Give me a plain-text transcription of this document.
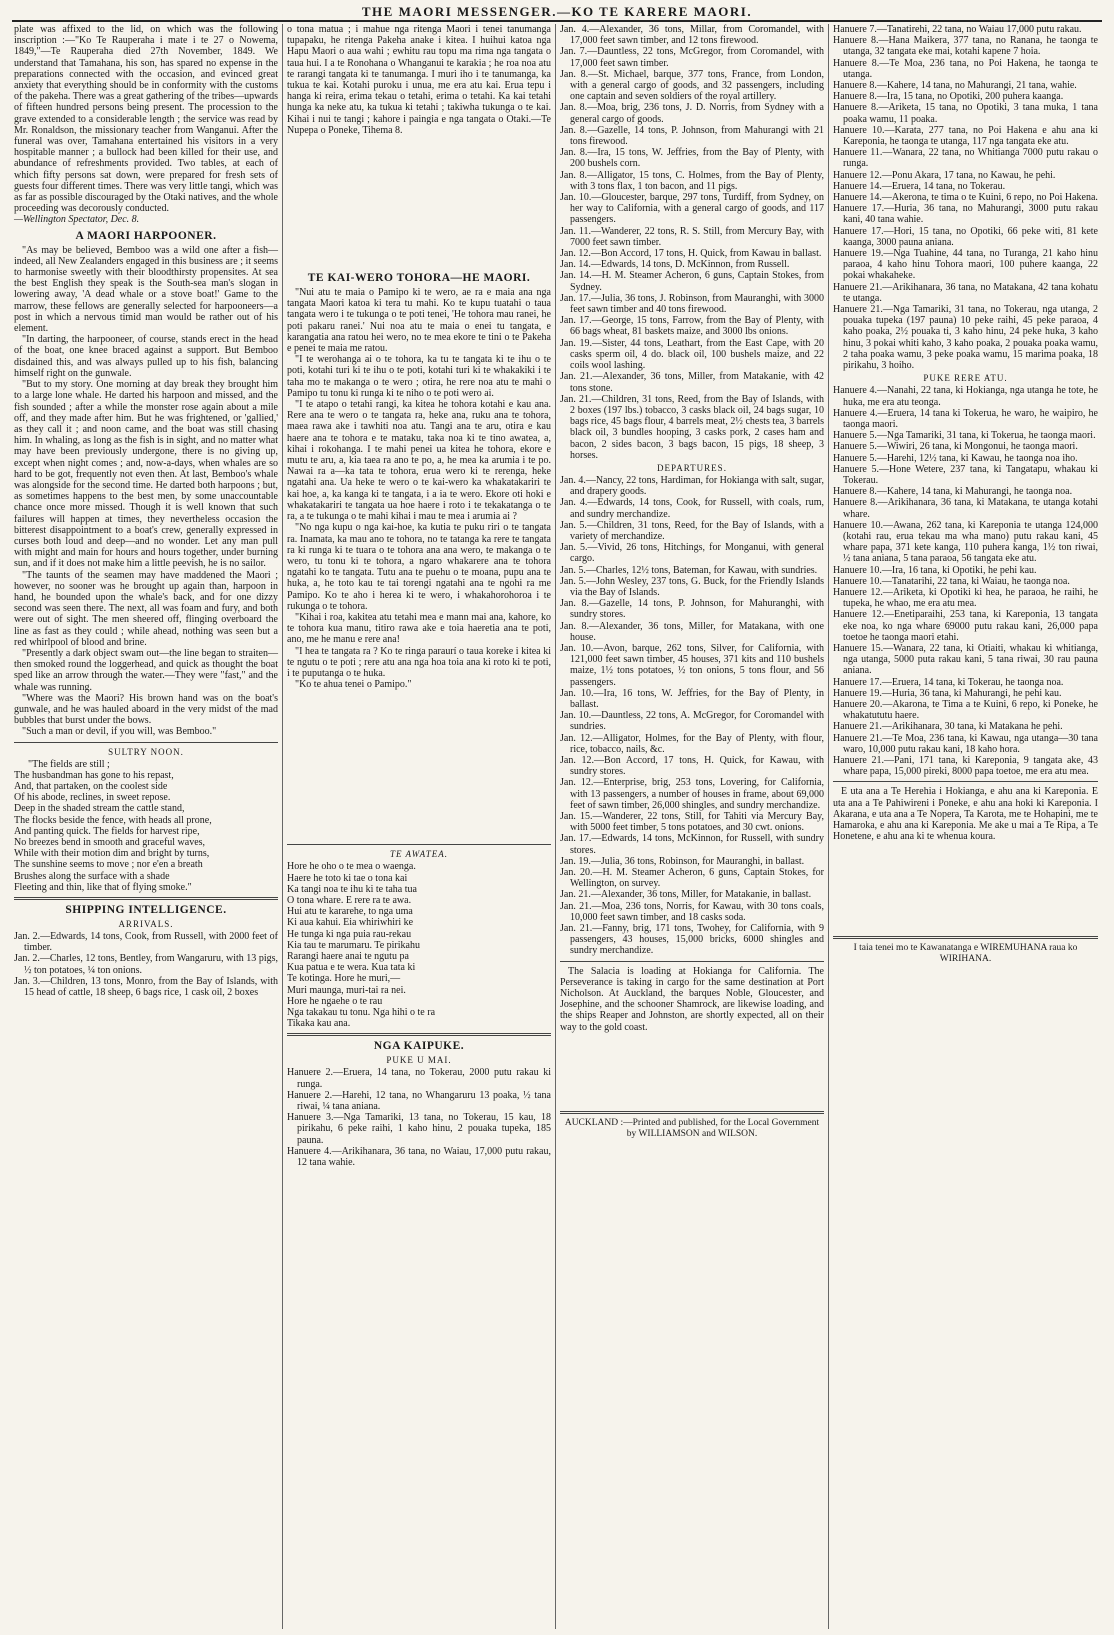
THE MAORI MESSENGER.—KO TE KARERE MAORI.

plate was affixed to the lid, on which was the following inscription :—"Ko Te Rauperaha i mate i te 27 o Nowema, 1849,"—Te Rauperaha died 27th November, 1849. We understand that Tamahana, his son, has spared no expense in the preparations connected with the occasion, and evinced great anxiety that everything should be in conformity with the customs of the pakeha. There was a great gathering of the tribes—upwards of fifteen hundred persons being present. The procession to the grave extended to a considerable length ; the service was read by Mr. Ronaldson, the missionary teacher from Wanganui. After the funeral was over, Tamahana entertained his visitors in a very hospitable manner ; a bullock had been killed for their use, and abundance of refreshments provided. Two tables, at each of which fifty persons sat down, were prepared for fresh sets of guests four different times. There was very little tangi, which was as far as possible discouraged by the Otaki natives, and the whole proceeding was decorously conducted.

—Wellington Spectator, Dec. 8.

A MAORI HARPOONER.

"As may be believed, Bemboo was a wild one after a fish—indeed, all New Zealanders engaged in this business are ; it seems to harmonise sweetly with their bloodthirsty propensites. At sea the best English they speak is the South-sea man's slogan in lowering away, 'A dead whale or a stove boat!' Game to the marrow, these fellows are generally selected for harpooneers—a post in which a nervous timid man would be rather out of his element.

"In darting, the harpooneer, of course, stands erect in the head of the boat, one knee braced against a support. But Bemboo disdained this, and was always pulled up to his fish, balancing himself right on the gunwale.

"But to my story. One morning at day break they brought him to a large lone whale. He darted his harpoon and missed, and the fish sounded ; after a while the monster rose again about a mile off, and they made after him. But he was frightened, or 'gallied,' as they call it ; and noon came, and the boat was still chasing him. In whaling, as long as the fish is in sight, and no matter what may have been previously undergone, there is no giving up, except when night comes ; and, now-a-days, when whales are so hard to be got, frequently not even then. At last, Bemboo's whale was alongside for the second time. He darted both harpoons ; but, as sometimes happens to the best men, by some unaccountable chance once more missed. Though it is well known that such failures will happen at times, they nevertheless occasion the bitterest disappointment to a boat's crew, generally expressed in curses both loud and deep—and no wonder. Let any man pull with might and main for hours and hours together, under burning sun, and if it does not make him a little peevish, he is no sailor.

"The taunts of the seamen may have maddened the Maori ; however, no sooner was he brought up again than, harpoon in hand, he bounded upon the whale's back, and for one dizzy second was seen there. The next, all was foam and fury, and both were out of sight. The men sheered off, flinging overboard the line as fast as they could ; while ahead, nothing was seen but a red whirlpool of blood and brine.

"Presently a dark object swam out—the line began to straiten—then smoked round the loggerhead, and quick as thought the boat sped like an arrow through the water.—They were "fast," and the whale was running.

"Where was the Maori? His brown hand was on the boat's gunwale, and he was hauled aboard in the very midst of the mad bubbles that burst under the bows.

"Such a man or devil, if you will, was Bemboo."

SULTRY NOON.
"The fields are still ;
The husbandman has gone to his repast,
And, that partaken, on the coolest side
Of his abode, reclines, in sweet repose.
Deep in the shaded stream the cattle stand,
The flocks beside the fence, with heads all prone,
And panting quick. The fields for harvest ripe,
No breezes bend in smooth and graceful waves,
While with their motion dim and bright by turns,
The sunshine seems to move ; nor e'en a breath
Brushes along the surface with a shade
Fleeting and thin, like that of flying smoke."
SHIPPING INTELLIGENCE.
ARRIVALS.

Jan. 2.—Edwards, 14 tons, Cook, from Russell, with 2000 feet of timber.

Jan. 2.—Charles, 12 tons, Bentley, from Wangaruru, with 13 pigs, ½ ton potatoes, ¼ ton onions.

Jan. 3.—Children, 13 tons, Monro, from the Bay of Islands, with 15 head of cattle, 18 sheep, 6 bags rice, 1 cask oil, 2 boxes

o tona matua ; i mahue nga ritenga Maori i tenei tanumanga tupapaku, he ritenga Pakeha anake i kitea. I huihui katoa nga Hapu Maori o aua wahi ; ewhitu rau topu ma rima nga tangata o taua hui. I a te Ronohana o Whanganui te karakia ; he roa noa atu te rarangi tangata ki te tanumanga. I muri iho i te tanumanga, ka tukua te kai. Kotahi puroku i unua, me era atu kai. Erua tepu i hanga ki reira, erima tekau o tetahi, erima o tetahi. Ka kai tetahi hunga ka neke atu, ka tukua ki tetahi ; takiwha tukunga o te kai. Kihai i nui te tangi ; kahore i paingia e nga tangata o Otaki.—Te Nupepa o Poneke, Tihema 8.

TE KAI-WERO TOHORA—HE MAORI.

"Nui atu te maia o Pamipo ki te wero, ae ra e maia ana nga tangata Maori katoa ki tera tu mahi. Ko te kupu tuatahi o taua tangata wero i te tukunga o te poti tenei, 'He tohora mau ranei, he poti pakaru ranei.' Nui noa atu te maia o enei tu tangata, e karangatia ana ratou hei wero, no te mea ekore te tini o te Pakeha e penei te maia me ratou.

"I te werohanga ai o te tohora, ka tu te tangata ki te ihu o te poti, kotahi turi ki te ihu o te poti, kotahi turi ki te whakakiki i te taha mo te makanga o te wero ; otira, he rere noa atu te mahi o Pamipo tu tonu ki runga ki te niho o te poti wero ai.

"I te atapo o tetahi rangi, ka kitea he tohora kotahi e kau ana. Rere ana te wero o te tangata ra, heke ana, ruku ana te tohora, maea rawa ake i tawhiti noa atu. Tangi ana te aru, otira e kau haere ana te tohora e te mataku, taka noa ki te tino awatea, a, kihai i rokohanga. I te mahi penei ua kitea he tohora, ekore e mutu te aru, a, kia taea ra ano te po, a, he mea ka arumia i te po. Nawai ra a—ka tata te tohora, erua wero ki te rerenga, heke ngatahi ana. Ua heke te wero o te kai-wero ka whakatakariri te kai hoe, a, ka kanga ki te tangata, i a ia te wero. Ekore oti hoki e whakatakariri te tangata ua hoe haere i roto i te tekakatanga o te ra, a te tukunga o te mahi kihai i mau te mea i arumia ai ?

"No nga kupu o nga kai-hoe, ka kutia te puku riri o te tangata ra. Inamata, ka mau ano te tohora, no te tatanga ka rere te tangata ra ki runga ki te tuara o te tohora ana ana wero, te makanga o te wero, tu tonu ki te tohora, a ngaro whakarere ana te tohora ngatahi ko te tangata. Tutu ana te puehu o te moana, pupu ana te huka, a, he toto kau te tai torengi ngatahi ana te ngohi ra me Pamipo. Ko te aho i herea ki te wero, i whakahorohoroa i te rukunga o te tohora.

"Kihai i roa, kakitea atu tetahi mea e mann mai ana, kahore, ko te tohora kua manu, titiro rawa ake e toia haeretia ana te poti, ano, me he manu e rere ana!

"I hea te tangata ra ? Ko te ringa paraurí o taua koreke i kitea ki te ngutu o te poti ; rere atu ana nga hoa toia ana ki roto ki te poti, i te puputanga o te huka.

"Ko te ahua tenei o Pamipo."

TE AWATEA.
Hore he oho o te mea o waenga.
Haere he toto ki tae o tona kai
Ka tangi noa te ihu ki te taha tua
O tona whare. E rere ra te awa.
Hui atu te kararehe, to nga uma
Ki aua kahui. Eia whiriwhiri ke
He tunga ki nga puia rau-rekau
Kia tau te marumaru. Te pirikahu
Rarangi haere anai te ngutu pa
Kua patua e te wera. Kua tata ki
Te kotinga. Hore he muri,—
Muri maunga, muri-tai ra nei.
Hore he ngaehe o te rau
Nga takakau tu tonu. Nga hihi o te ra
Tikaka kau ana.
NGA KAIPUKE.
PUKE U MAI.

Hanuere 2.—Eruera, 14 tana, no Tokerau, 2000 putu rakau ki runga.

Hanuere 2.—Harehi, 12 tana, no Whangaruru 13 poaka, ½ tana riwai, ¼ tana aniana.

Hanuere 3.—Nga Tamariki, 13 tana, no Tokerau, 15 kau, 18 pirikahu, 6 peke raihi, 1 kaho hinu, 2 pouaka tupeka, 185 pauna.

Hanuere 4.—Arikihanara, 36 tana, no Waiau, 17,000 putu rakau, 12 tana wahie.

Jan. 4.—Alexander, 36 tons, Millar, from Coromandel, with 17,000 feet sawn timber, and 12 tons firewood.

Jan. 7.—Dauntless, 22 tons, McGregor, from Coromandel, with 17,000 feet sawn timber.

Jan. 8.—St. Michael, barque, 377 tons, France, from London, with a general cargo of goods, and 32 passengers, including one captain and seven soldiers of the royal artillery.

Jan. 8.—Moa, brig, 236 tons, J. D. Norris, from Sydney with a general cargo of goods.

Jan. 8.—Gazelle, 14 tons, P. Johnson, from Mahurangi with 21 tons firewood.

Jan. 8.—Ira, 15 tons, W. Jeffries, from the Bay of Plenty, with 200 bushels corn.

Jan. 8.—Alligator, 15 tons, C. Holmes, from the Bay of Plenty, with 3 tons flax, 1 ton bacon, and 11 pigs.

Jan. 10.—Gloucester, barque, 297 tons, Turdiff, from Sydney, on her way to California, with a general cargo of goods, and 117 passengers.

Jan. 11.—Wanderer, 22 tons, R. S. Still, from Mercury Bay, with 7000 feet sawn timber.

Jan. 12.—Bon Accord, 17 tons, H. Quick, from Kawau in ballast.

Jan. 14.—Edwards, 14 tons, D. McKinnon, from Russell.

Jan. 14.—H. M. Steamer Acheron, 6 guns, Captain Stokes, from Sydney.

Jan. 17.—Julia, 36 tons, J. Robinson, from Mauranghi, with 3000 feet sawn timber and 40 tons firewood.

Jan. 17.—George, 15 tons, Farrow, from the Bay of Plenty, with 66 bags wheat, 81 baskets maize, and 3000 lbs onions.

Jan. 19.—Sister, 44 tons, Leathart, from the East Cape, with 20 casks sperm oil, 4 do. black oil, 100 bushels maize, and 22 coils wool lashing.

Jan. 21.—Alexander, 36 tons, Miller, from Matakanie, with 42 tons stone.

Jan. 21.—Children, 31 tons, Reed, from the Bay of Islands, with 2 boxes (197 lbs.) tobacco, 3 casks black oil, 24 bags sugar, 10 bags rice, 45 bags flour, 4 barrels meat, 2½ chests tea, 3 barrels black oil, 3 bundles hooping, 3 casks pork, 2 cases ham and bacon, 2 sides bacon, 3 bags bacon, 15 pigs, 18 sheep, 3 horses.

DEPARTURES.

Jan. 4.—Nancy, 22 tons, Hardiman, for Hokianga with salt, sugar, and drapery goods.

Jan. 4.—Edwards, 14 tons, Cook, for Russell, with coals, rum, and sundry merchandize.

Jan. 5.—Children, 31 tons, Reed, for the Bay of Islands, with a variety of merchandize.

Jan. 5.—Vivid, 26 tons, Hitchings, for Monganui, with general cargo.

Jan. 5.—Charles, 12½ tons, Bateman, for Kawau, with sundries.

Jan. 5.—John Wesley, 237 tons, G. Buck, for the Friendly Islands via the Bay of Islands.

Jan. 8.—Gazelle, 14 tons, P. Johnson, for Mahuranghi, with sundry stores.

Jan. 8.—Alexander, 36 tons, Miller, for Matakana, with one house.

Jan. 10.—Avon, barque, 262 tons, Silver, for California, with 121,000 feet sawn timber, 45 houses, 371 kits and 110 bushels maize, 1½ tons potatoes, ½ ton onions, 5 tons flour, and 56 passengers.

Jan. 10.—Ira, 16 tons, W. Jeffries, for the Bay of Plenty, in ballast.

Jan. 10.—Dauntless, 22 tons, A. McGregor, for Coromandel with sundries.

Jan. 12.—Alligator, Holmes, for the Bay of Plenty, with flour, rice, tobacco, nails, &c.

Jan. 12.—Bon Accord, 17 tons, H. Quick, for Kawau, with sundry stores.

Jan. 12.—Enterprise, brig, 253 tons, Lovering, for California, with 13 passengers, a number of houses in frame, about 69,000 feet of sawn timber, 26,000 shingles, and sundry merchandize.

Jan. 15.—Wanderer, 22 tons, Still, for Tahiti via Mercury Bay, with 5000 feet timber, 5 tons potatoes, and 30 cwt. onions.

Jan. 17.—Edwards, 14 tons, McKinnon, for Russell, with sundry stores.

Jan. 19.—Julia, 36 tons, Robinson, for Mauranghi, in ballast.

Jan. 20.—H. M. Steamer Acheron, 6 guns, Captain Stokes, for Wellington, on survey.

Jan. 21.—Alexander, 36 tons, Miller, for Matakanie, in ballast.

Jan. 21.—Moa, 236 tons, Norris, for Kawau, with 30 tons coals, 10,000 feet sawn timber, and 18 casks soda.

Jan. 21.—Fanny, brig, 171 tons, Twohey, for California, with 9 passengers, 43 houses, 15,000 bricks, 6000 shingles and sundry merchandize.

The Salacia is loading at Hokianga for California. The Perseverance is taking in cargo for the same destination at Port Nicholson. At Auckland, the barques Noble, Gloucester, and Josephine, and the schooner Shamrock, are likewise loading, and the ships Reaper and Johnston, are shortly expected, all on their way to the gold coast.

AUCKLAND :—Printed and published, for the Local Government by WILLIAMSON and WILSON.

Hanuere 7.—Tanatirehi, 22 tana, no Waiau 17,000 putu rakau.

Hanuere 8.—Hana Maikera, 377 tana, no Ranana, he taonga te utanga, 32 tangata eke mai, kotahi kapene 7 hoia.

Hanuere 8.—Te Moa, 236 tana, no Poi Hakena, he taonga te utanga.

Hanuere 8.—Kahere, 14 tana, no Mahurangi, 21 tana, wahie.

Hanuere 8.—Ira, 15 tana, no Opotiki, 200 puhera kaanga.

Hanuere 8.—Ariketa, 15 tana, no Opotiki, 3 tana muka, 1 tana poaka wamu, 11 poaka.

Hanuere 10.—Karata, 277 tana, no Poi Hakena e ahu ana ki Kareponia, he taonga te utanga, 117 nga tangata eke atu.

Hanuere 11.—Wanara, 22 tana, no Whitianga 7000 putu rakau o runga.

Hanuere 12.—Ponu Akara, 17 tana, no Kawau, he pehi.

Hanuere 14.—Eruera, 14 tana, no Tokerau.

Hanuere 14.—Akerona, te tima o te Kuini, 6 repo, no Poi Hakena.

Hanuere 17.—Huria, 36 tana, no Mahurangi, 3000 putu rakau kani, 40 tana wahie.

Hanuere 17.—Hori, 15 tana, no Opotiki, 66 peke witi, 81 kete kaanga, 3000 pauna aniana.

Hanuere 19.—Nga Tuahine, 44 tana, no Turanga, 21 kaho hinu paraoa, 4 kaho hinu Tohora maori, 100 puhere kaanga, 22 pokai whakaheke.

Hanuere 21.—Arikihanara, 36 tana, no Matakana, 42 tana kohatu te utanga.

Hanuere 21.—Nga Tamariki, 31 tana, no Tokerau, nga utanga, 2 pouaka tupeka (197 pauna) 10 peke raihi, 45 peke paraoa, 4 kaho poaka, 2½ pouaka ti, 3 kaho hinu, 24 peke huka, 3 kaho hinu, 3 pokai whiti kaho, 3 kaho poaka, 2 pouaka poaka wamu, 2 taha poaka wamu, 3 peke poaka wamu, 15 marima poaka, 18 pirikahu, 3 hoiho.

PUKE RERE ATU.

Hanuere 4.—Nanahi, 22 tana, ki Hokianga, nga utanga he tote, he huka, me era atu teonga.

Hanuere 4.—Eruera, 14 tana ki Tokerua, he waro, he waipiro, he taonga maori.

Hanuere 5.—Nga Tamariki, 31 tana, ki Tokerua, he taonga maori.

Hanuere 5.—Wiwiri, 26 tana, ki Mongonui, he taonga maori.

Hanuere 5.—Harehi, 12½ tana, ki Kawau, he taonga noa iho.

Hanuere 5.—Hone Wetere, 237 tana, ki Tangatapu, whakau ki Tokerau.

Hanuere 8.—Kahere, 14 tana, ki Mahurangi, he taonga noa.

Hanuere 8.—Arikihanara, 36 tana, ki Matakana, te utanga kotahi whare.

Hanuere 10.—Awana, 262 tana, ki Kareponia te utanga 124,000 (kotahi rau, erua tekau ma wha mano) putu rakau kani, 45 whare papa, 371 kete kanga, 110 puhera kanga, 1½ ton riwai, ½ tana aniana, 5 tana paraoa, 56 tangata eke atu.

Hanuere 10.—Ira, 16 tana, ki Opotiki, he pehi kau.

Hanuere 10.—Tanatarihi, 22 tana, ki Waiau, he taonga noa.

Hanuere 12.—Ariketa, ki Opotiki ki hea, he paraoa, he raihi, he tupeka, he whao, me era atu mea.

Hanuere 12.—Enetiparaihi, 253 tana, ki Kareponia, 13 tangata eke noa, ko nga whare 69000 putu rakau kani, 26,000 papa toetoe he taonga maori etahi.

Hanuere 15.—Wanara, 22 tana, ki Otiaiti, whakau ki whitianga, nga utanga, 5000 puta rakau kani, 5 tana riwai, 30 rau pauna aniana.

Hanuere 17.—Eruera, 14 tana, ki Tokerau, he taonga noa.

Hanuere 19.—Huria, 36 tana, ki Mahurangi, he pehi kau.

Hanuere 20.—Akarona, te Tima a te Kuini, 6 repo, ki Poneke, he whakatututu haere.

Hanuere 21.—Arikihanara, 30 tana, ki Matakana he pehi.

Hanuere 21.—Te Moa, 236 tana, ki Kawau, nga utanga—30 tana waro, 10,000 putu rakau kani, 18 kaho hora.

Hanuere 21.—Pani, 171 tana, ki Kareponia, 9 tangata ake, 43 whare papa, 15,000 pireki, 8000 papa toetoe, me era atu mea.

E uta ana a Te Herehia i Hokianga, e ahu ana ki Kareponia. E uta ana a Te Pahiwireni i Poneke, e ahu ana hoki ki Kareponia. I Akarana, e uta ana a Te Nopera, Ta Karota, me te Hohapini, me te Hamaroka, e ahu ana ki Kareponia. Me ake u mai a Te Ripa, a Te Honetene, e ahu ana ki te whenua koura.

I taia tenei mo te Kawanatanga e WIREMUHANA raua ko WIRIHANA.
